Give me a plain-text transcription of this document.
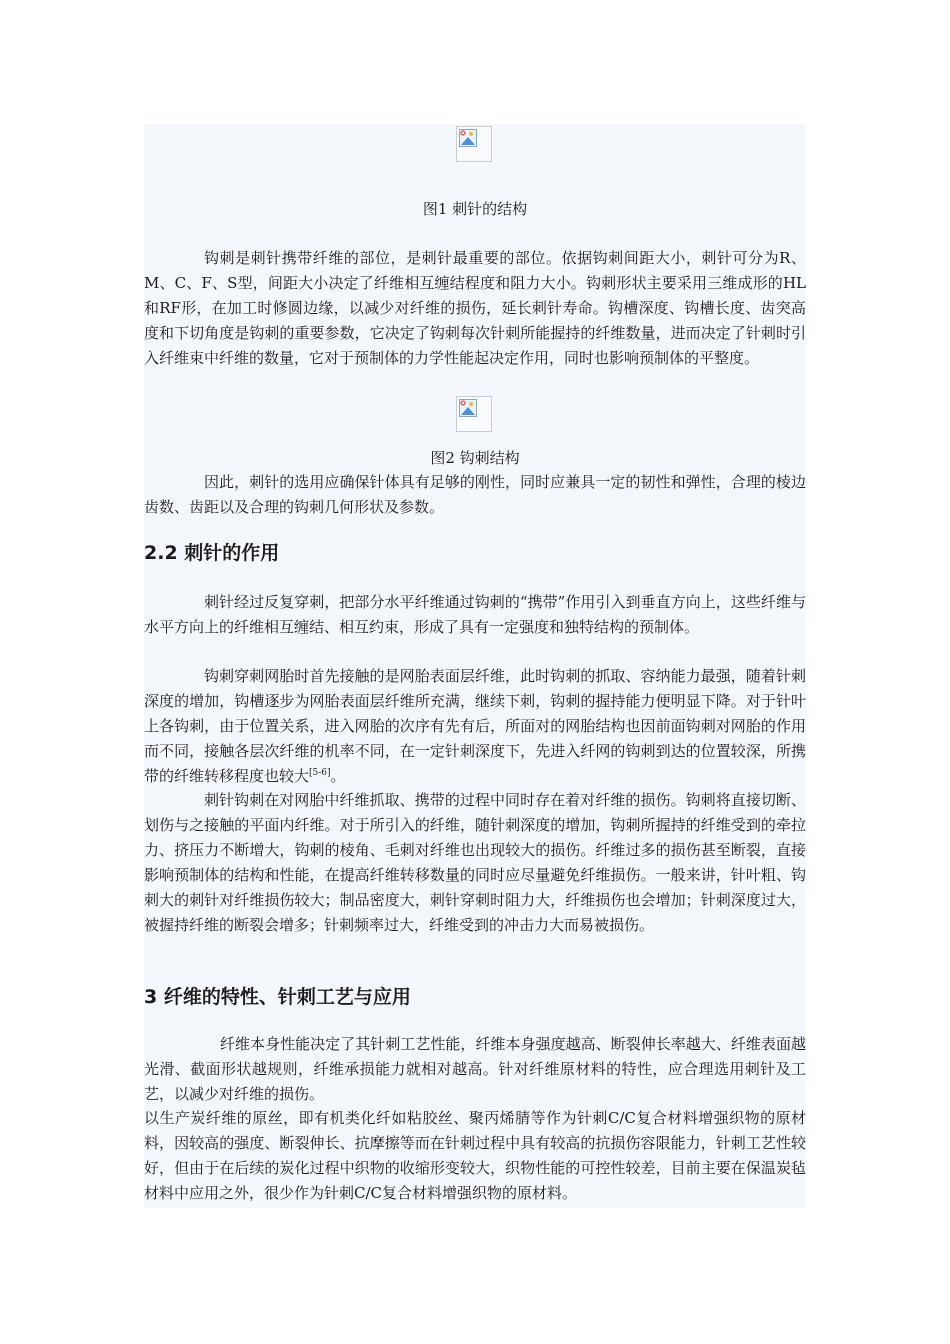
图1 刺针的结构

钩刺是刺针携带纤维的部位，是刺针最重要的部位。依据钩刺间距大小，刺针可分为R、M、C、F、S型，间距大小决定了纤维相互缠结程度和阻力大小。钩刺形状主要采用三维成形的HL和RF形，在加工时修圆边缘，以减少对纤维的损伤，延长刺针寿命。钩槽深度、钩槽长度、齿突高度和下切角度是钩刺的重要参数，它决定了钩刺每次针刺所能握持的纤维数量，进而决定了针刺时引入纤维束中纤维的数量，它对于预制体的力学性能起决定作用，同时也影响预制体的平整度。

图2 钩刺结构

因此，刺针的选用应确保针体具有足够的刚性，同时应兼具一定的韧性和弹性，合理的棱边齿数、齿距以及合理的钩刺几何形状及参数。

2.2 刺针的作用

刺针经过反复穿刺，把部分水平纤维通过钩刺的“携带”作用引入到垂直方向上，这些纤维与水平方向上的纤维相互缠结、相互约束，形成了具有一定强度和独特结构的预制体。

钩刺穿刺网胎时首先接触的是网胎表面层纤维，此时钩刺的抓取、容纳能力最强，随着针刺深度的增加，钩槽逐步为网胎表面层纤维所充满，继续下刺，钩刺的握持能力便明显下降。对于针叶上各钩刺，由于位置关系，进入网胎的次序有先有后，所面对的网胎结构也因前面钩刺对网胎的作用而不同，接触各层次纤维的机率不同，在一定针刺深度下，先进入纤网的钩刺到达的位置较深，所携带的纤维转移程度也较大[5-6]。

刺针钩刺在对网胎中纤维抓取、携带的过程中同时存在着对纤维的损伤。钩刺将直接切断、划伤与之接触的平面内纤维。对于所引入的纤维，随针刺深度的增加，钩刺所握持的纤维受到的牵拉力、挤压力不断增大，钩刺的棱角、毛刺对纤维也出现较大的损伤。纤维过多的损伤甚至断裂，直接影响预制体的结构和性能，在提高纤维转移数量的同时应尽量避免纤维损伤。一般来讲，针叶粗、钩刺大的刺针对纤维损伤较大；制品密度大，刺针穿刺时阻力大，纤维损伤也会增加；针刺深度过大，被握持纤维的断裂会增多；针刺频率过大，纤维受到的冲击力大而易被损伤。

3 纤维的特性、针刺工艺与应用

纤维本身性能决定了其针刺工艺性能，纤维本身强度越高、断裂伸长率越大、纤维表面越光滑、截面形状越规则，纤维承损能力就相对越高。针对纤维原材料的特性，应合理选用刺针及工艺，以减少对纤维的损伤。

以生产炭纤维的原丝，即有机类化纤如粘胶丝、聚丙烯腈等作为针刺C/C复合材料增强织物的原材料，因较高的强度、断裂伸长、抗摩擦等而在针刺过程中具有较高的抗损伤容限能力，针刺工艺性较好，但由于在后续的炭化过程中织物的收缩形变较大，织物性能的可控性较差，目前主要在保温炭毡材料中应用之外，很少作为针刺C/C复合材料增强织物的原材料。
